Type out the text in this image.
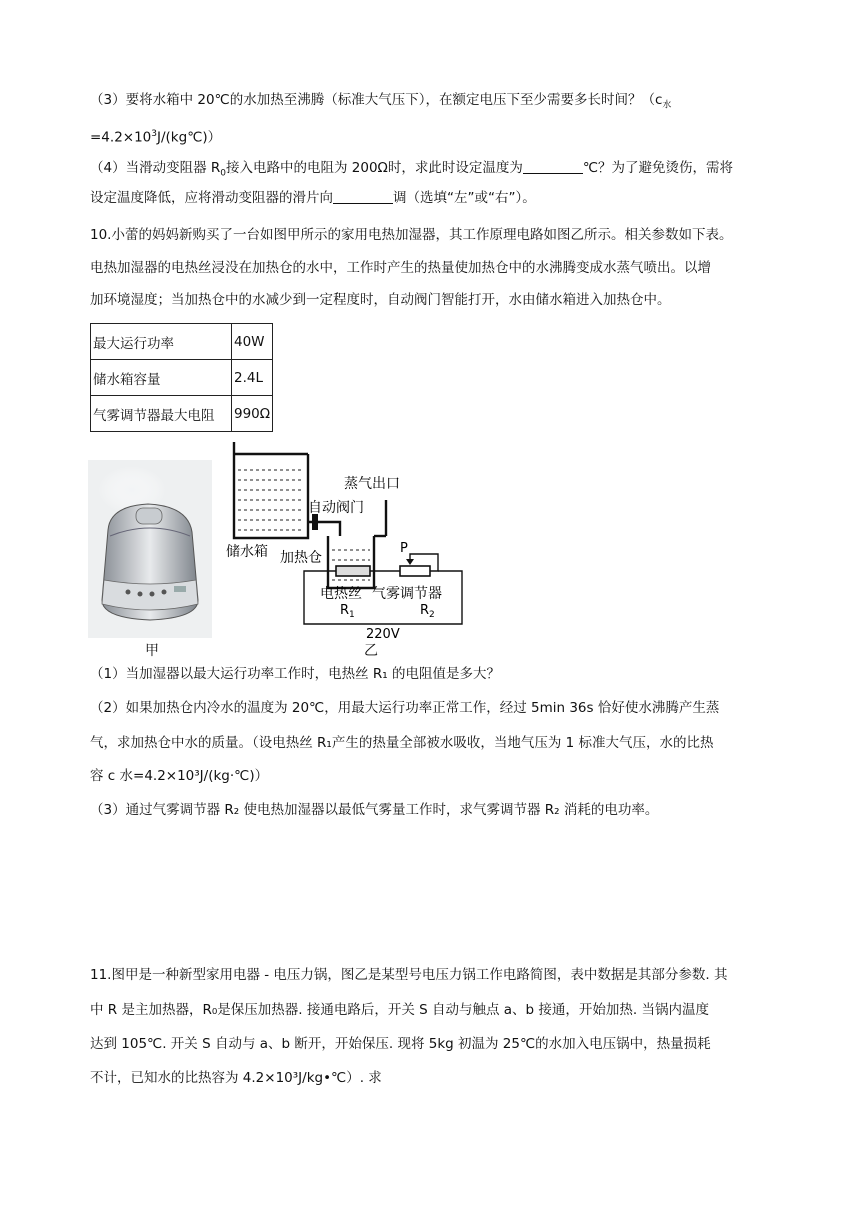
（3）要将水箱中 20℃的水加热至沸腾（标准大气压下），在额定电压下至少需要多长时间？（$c_水$
$=4.2\times 10^3J/(kg℃)$）
（4）当滑动变阻器 $R_0$接入电路中的电阻为 200Ω时，求此时设定温度为	℃？为了避免烫伤，需将
设定温度降低，应将滑动变阻器的滑片向	调（选填“左”或“右”）。
10.小蕾的妈妈新购买了一台如图甲所示的家用电热加湿器，其工作原理电路如图乙所示。相关参数如下表。
电热加湿器的电热丝浸没在加热仓的水中，工作时产生的热量使加热仓中的水沸腾变成水蒸气喷出。以增
加环境湿度；当加热仓中的水减少到一定程度时，自动阀门智能打开，水由储水箱进入加热仓中。
最大运行功率	40W
储水箱容量	2.4L
气雾调节器最大电阻	990Ω
蒸气出口
自动阀门
储水箱 加热仓
P
电热丝 气雾调节器
$R_1$	$R_2$
220V
甲	乙
（1）当加湿器以最大运行功率工作时，电热丝 R₁ 的电阻值是多大？
（2）如果加热仓内冷水的温度为 20℃，用最大运行功率正常工作，经过 5min 36s 恰好使水沸腾产生蒸
气，求加热仓中水的质量。（设电热丝 R₁产生的热量全部被水吸收，当地气压为 1 标准大气压，水的比热
容 c 水=4.2×10³J/(kg·℃)）
（3）通过气雾调节器 R₂ 使电热加湿器以最低气雾量工作时，求气雾调节器 R₂ 消耗的电功率。
11.图甲是一种新型家用电器 - 电压力锅，图乙是某型号电压力锅工作电路简图，表中数据是其部分参数. 其
中 R 是主加热器，R₀是保压加热器. 接通电路后，开关 S 自动与触点 a、b 接通，开始加热. 当锅内温度
达到 105℃. 开关 S 自动与 a、b 断开，开始保压. 现将 5kg 初温为 25℃的水加入电压锅中，热量损耗
不计，已知水的比热容为 4.2×10³J/kg•℃）. 求
